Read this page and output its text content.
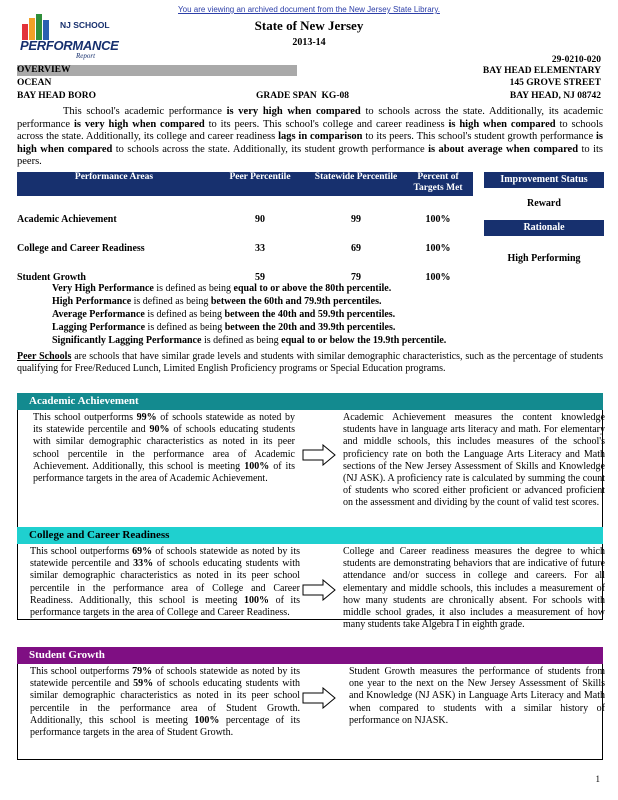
You are viewing an archived document from the New Jersey State Library.
NJ SCHOOL
PERFORMANCE
Report
State of New Jersey
2013-14
29-0210-020
OVERVIEW
OCEAN
BAY HEAD BORO	GRADE SPAN KG-08
BAY HEAD ELEMENTARY
145 GROVE STREET
BAY HEAD, NJ 08742
This school's academic performance is very high when compared to schools across the state. Additionally, its academic performance is very high when compared to its peers. This school's college and career readiness is high when compared to schools across the state. Additionally, its college and career readiness lags in comparison to its peers. This school's student growth performance is high when compared to schools across the state. Additionally, its student growth performance is about average when compared to its peers.
Performance Areas	Peer Percentile	Statewide Percentile	Percent of Targets Met
Academic Achievement	90	99	100%
College and Career Readiness	33	69	100%
Student Growth	59	79	100%
Improvement Status
Reward
Rationale
High Performing
Very High Performance is defined as being equal to or above the 80th percentile.
High Performance is defined as being between the 60th and 79.9th percentiles.
Average Performance is defined as being between the 40th and 59.9th percentiles.
Lagging Performance is defined as being between the 20th and 39.9th percentiles.
Significantly Lagging Performance is defined as being equal to or below the 19.9th percentile.
Peer Schools are schools that have similar grade levels and students with similar demographic characteristics, such as the percentage of students qualifying for Free/Reduced Lunch, Limited English Proficiency programs or Special Education programs.
Academic Achievement
This school outperforms 99% of schools statewide as noted by its statewide percentile and 90% of schools educating students with similar demographic characteristics as noted in its peer school percentile in the performance area of Academic Achievement. Additionally, this school is meeting 100% of its performance targets in the area of Academic Achievement.
Academic Achievement measures the content knowledge students have in language arts literacy and math. For elementary and middle schools, this includes measures of the school's proficiency rate on both the Language Arts Literacy and Math sections of the New Jersey Assessment of Skills and Knowledge (NJ ASK). A proficiency rate is calculated by summing the count of students who scored either proficient or advanced proficient on the assessment and dividing by the count of valid test scores.
College and Career Readiness
This school outperforms 69% of schools statewide as noted by its statewide percentile and 33% of schools educating students with similar demographic characteristics as noted in its peer school percentile in the performance area of College and Career Readiness. Additionally, this school is meeting 100% of its performance targets in the area of College and Career Readiness.
College and Career readiness measures the degree to which students are demonstrating behaviors that are indicative of future attendance and/or success in college and careers. For all elementary and middle schools, this includes a measurement of how many students are chronically absent. For schools with middle school grades, it also includes a measurement of how many students take Algebra I in eighth grade.
Student Growth
This school outperforms 79% of schools statewide as noted by its statewide percentile and 59% of schools educating students with similar demographic characteristics as noted in its peer school percentile in the performance area of Student Growth. Additionally, this school is meeting 100% percentage of its performance targets in the area of Student Growth.
Student Growth measures the performance of students from one year to the next on the New Jersey Assessment of Skills and Knowledge (NJ ASK) in Language Arts Literacy and Math when compared to students with a similar history of performance on NJASK.
1
